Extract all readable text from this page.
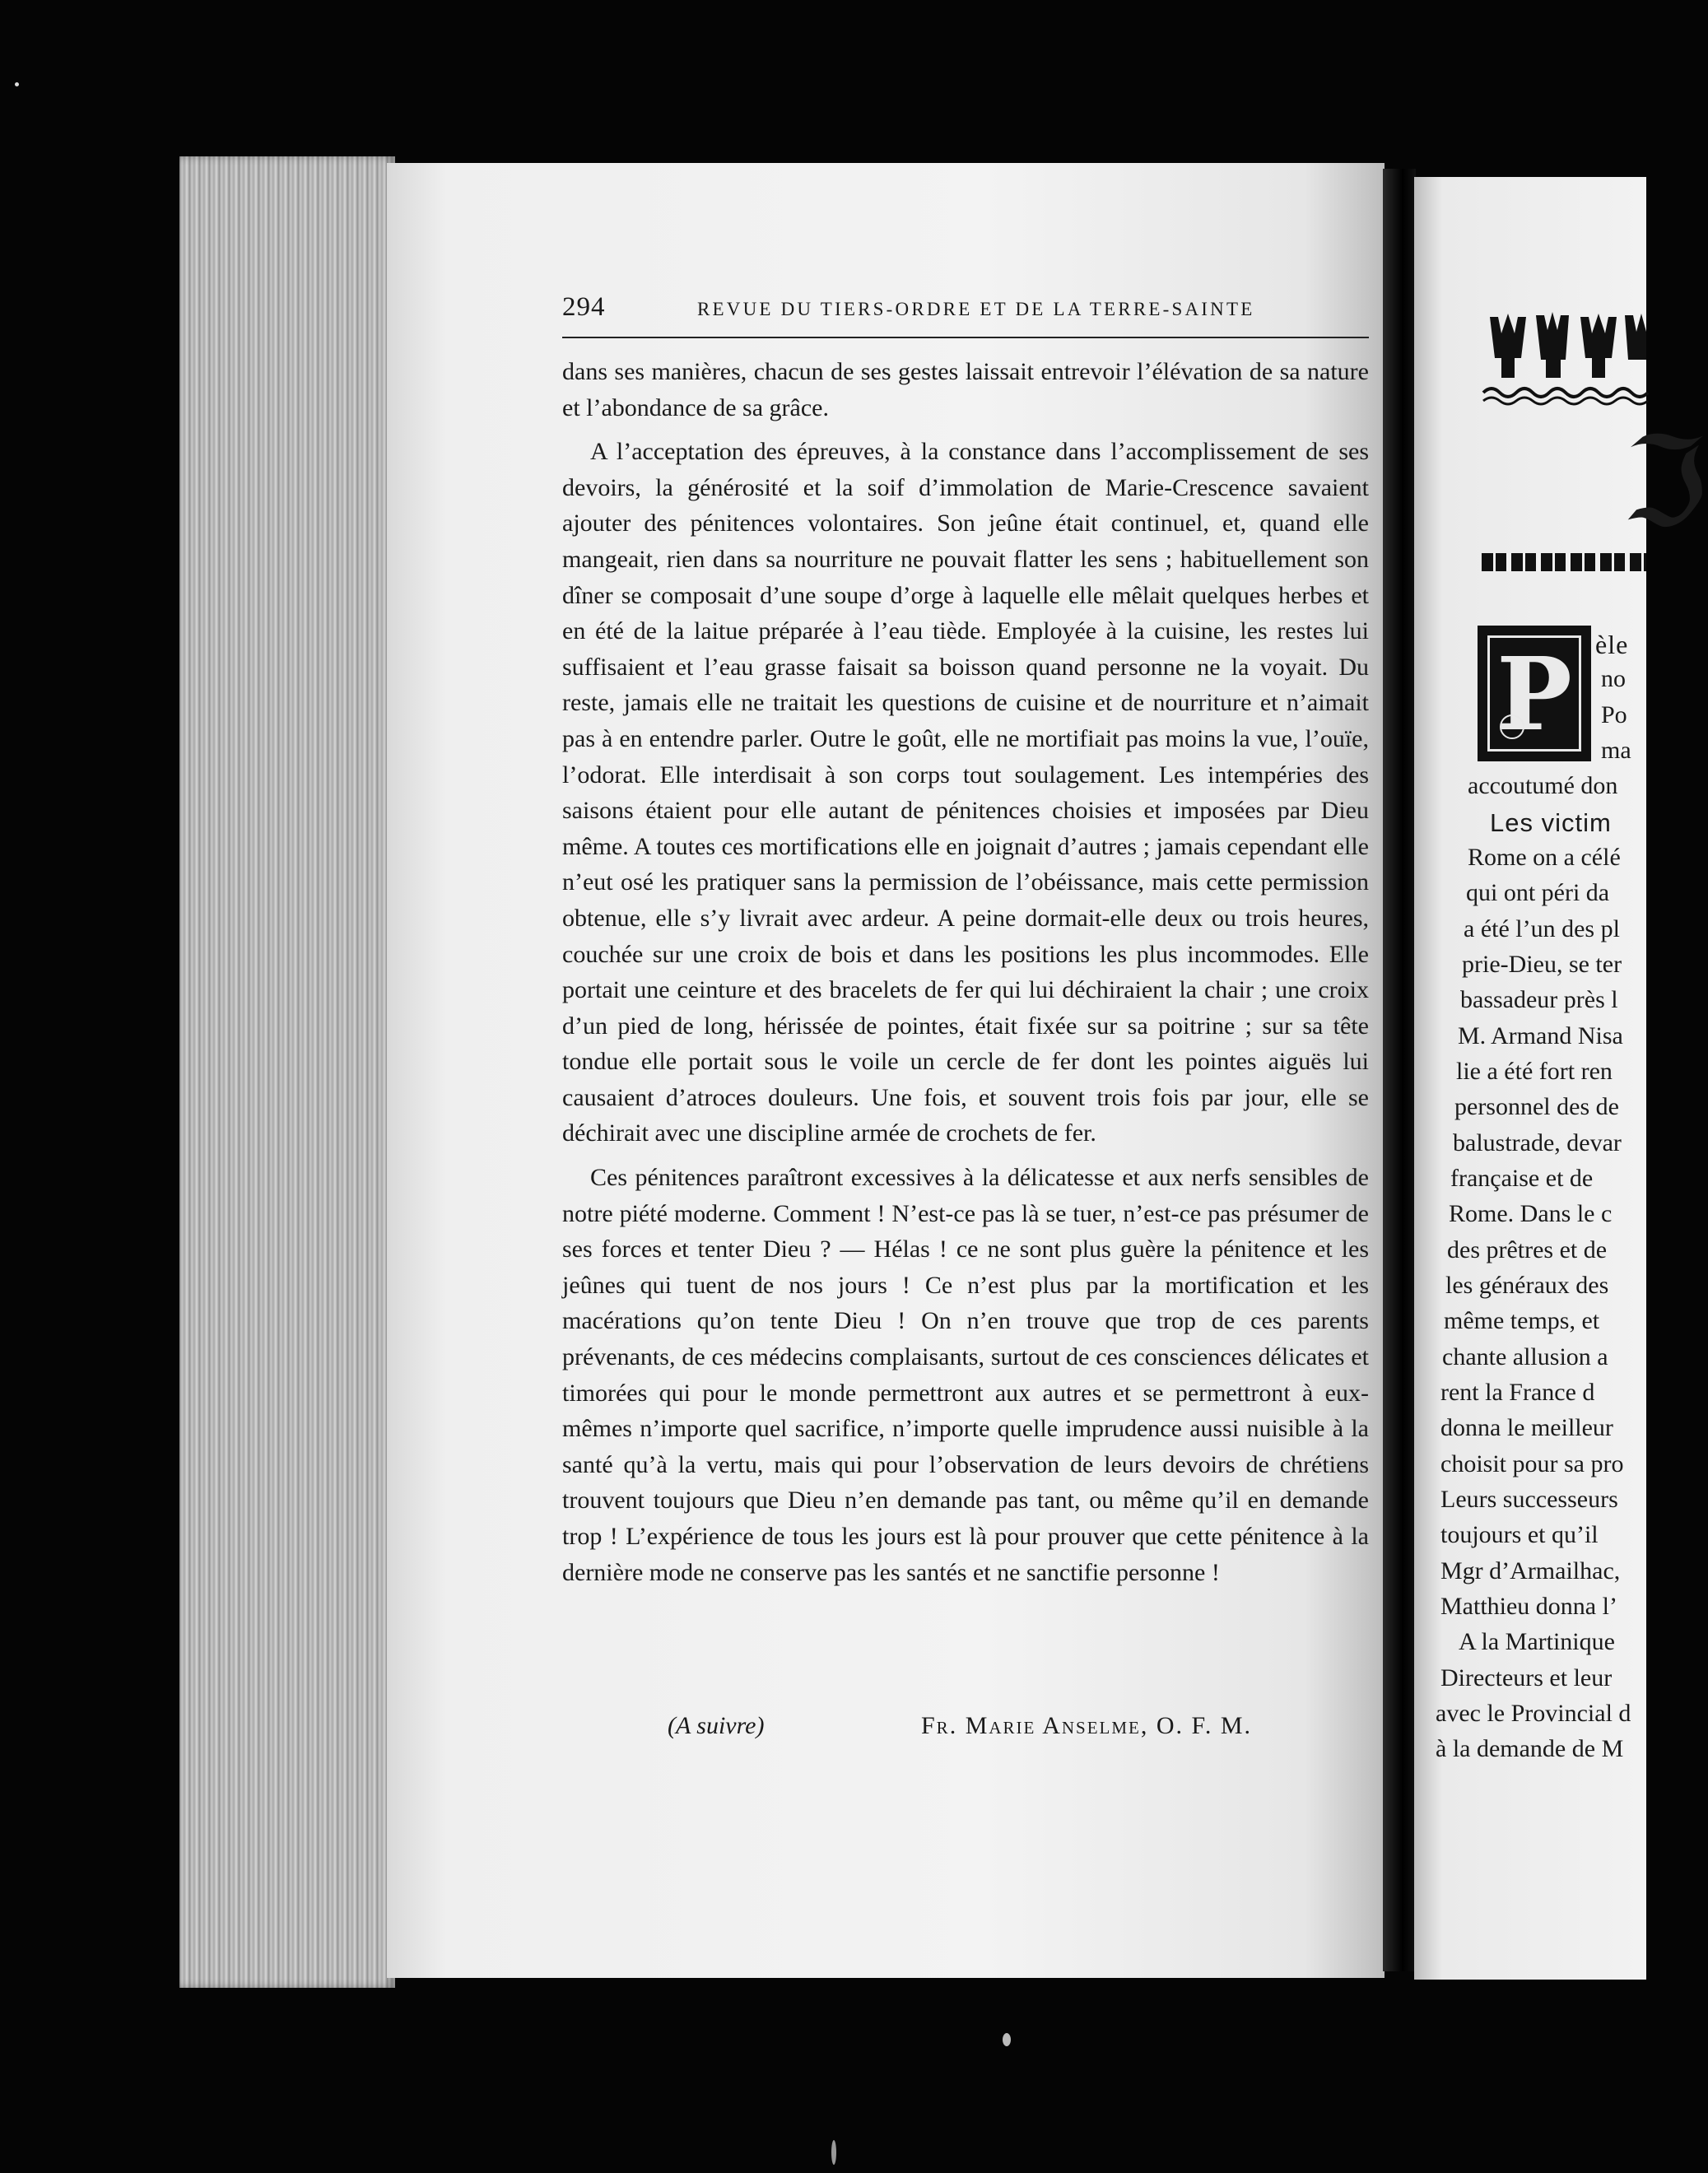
294	REVUE DU TIERS-ORDRE ET DE LA TERRE-SAINTE

dans ses manières, chacun de ses gestes laissait entrevoir l’élévation de sa nature et l’abondance de sa grâce.

A l’acceptation des épreuves, à la constance dans l’accomplissement de ses devoirs, la générosité et la soif d’immolation de Marie-Crescence savaient ajouter des pénitences volontaires. Son jeûne était continuel, et, quand elle mangeait, rien dans sa nourriture ne pouvait flatter les sens ; habituellement son dîner se composait d’une soupe d’orge à laquelle elle mêlait quelques herbes et en été de la laitue préparée à l’eau tiède. Employée à la cuisine, les restes lui suffisaient et l’eau grasse faisait sa boisson quand personne ne la voyait. Du reste, jamais elle ne traitait les questions de cuisine et de nourriture et n’aimait pas à en entendre parler. Outre le goût, elle ne mortifiait pas moins la vue, l’ouïe, l’odorat. Elle interdisait à son corps tout soulagement. Les intempéries des saisons étaient pour elle autant de pénitences choisies et imposées par Dieu même. A toutes ces mortifications elle en joignait d’autres ; jamais cependant elle n’eut osé les pratiquer sans la permission de l’obéissance, mais cette permission obtenue, elle s’y livrait avec ardeur. A peine dormait-elle deux ou trois heures, couchée sur une croix de bois et dans les positions les plus incommodes. Elle portait une ceinture et des bracelets de fer qui lui déchiraient la chair ; une croix d’un pied de long, hérissée de pointes, était fixée sur sa poitrine ; sur sa tête tondue elle portait sous le voile un cercle de fer dont les pointes aiguës lui causaient d’atroces douleurs. Une fois, et souvent trois fois par jour, elle se déchirait avec une discipline armée de crochets de fer.

Ces pénitences paraîtront excessives à la délicatesse et aux nerfs sensibles de notre piété moderne. Comment ! N’est-ce pas là se tuer, n’est-ce pas présumer de ses forces et tenter Dieu ? — Hélas ! ce ne sont plus guère la pénitence et les jeûnes qui tuent de nos jours ! Ce n’est plus par la mortification et les macérations qu’on tente Dieu ! On n’en trouve que trop de ces parents prévenants, de ces médecins complaisants, surtout de ces consciences délicates et timorées qui pour le monde permettront aux autres et se permettront à eux-mêmes n’importe quel sacrifice, n’importe quelle imprudence aussi nuisible à la santé qu’à la vertu, mais qui pour l’observation de leurs devoirs de chrétiens trouvent toujours que Dieu n’en demande pas tant, ou même qu’il en demande trop ! L’expérience de tous les jours est là pour prouver que cette pénitence à la dernière mode ne conserve pas les santés et ne sanctifie personne !

(A suivre)	Fr. Marie Anselme, O. F. M.
ℑ
P èle
no
Po
ma
accoutumé don
Les victim
Rome on a célé
qui ont péri da
a été l’un des pl
prie-Dieu, se ter
bassadeur près l
M. Armand Nisa
lie a été fort ren
personnel des de
balustrade, devar
française et de
Rome. Dans le c
des prêtres et de
les généraux des
même temps, et
chante allusion a
rent la France d
donna le meilleur
choisit pour sa pro
Leurs successeurs
toujours et qu’il
Mgr d’Armailhac,
Matthieu donna l’
A la Martinique
Directeurs et leur
avec le Provincial d
à la demande de M
